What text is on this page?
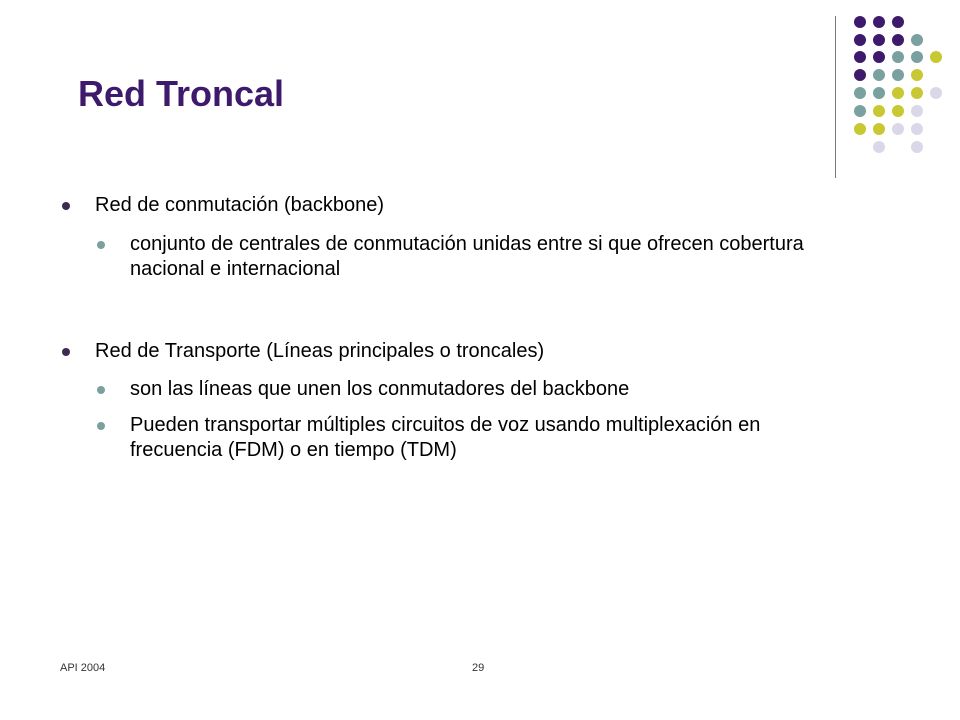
Red Troncal
Red de conmutación (backbone)
conjunto de centrales de conmutación unidas entre si que ofrecen cobertura nacional e internacional
Red de Transporte (Líneas principales o troncales)
son las líneas que unen los conmutadores del backbone
Pueden transportar múltiples circuitos de voz usando multiplexación en frecuencia (FDM) o en tiempo (TDM)
API 2004	29
